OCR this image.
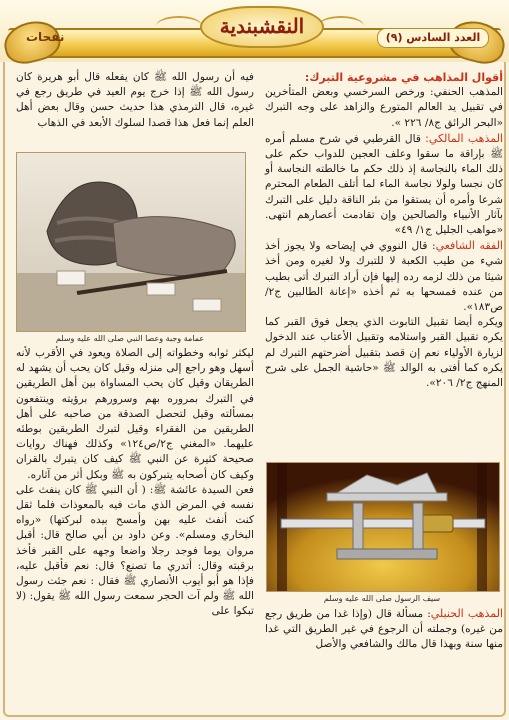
النقشبندية
نفحات	العدد السادس (٩)

أقوال المذاهب في مشروعية التبرك:

المذهب الحنفي: ورخص السرخسي وبعض المتأخرين في تقبيل يد العالم المتورع والزاهد على وجه التبرك «البحر الرائق ج٨/ ٢٢٦ ».

المذهب المالكي: قال القرطبي في شرح مسلم أمره ﷺ بإراقة ما سقوا وعلف العجين للدواب حكم على ذلك الماء بالنجاسة إذ ذلك حكم ما خالطته النجاسة أو كان نجسا ولولا نجاسة الماء لما أتلف الطعام المحترم شرعا وأمره أن يستقوا من بئر الناقة دليل على التبرك بآثار الأنبياء والصالحين وإن تقادمت أعصارهم انتهى. «مواهب الجليل ج١/ ٤٩»

الفقه الشافعي: قال النووي في إيضاحه ولا يجوز أخذ شيء من طيب الكعبة لا للتبرك ولا لغيره ومن أخذ شيئا من ذلك لزمه رده إليها فإن أراد التبرك أتى بطيب من عنده فمسحها به ثم أخذه «إعانة الطالبين ج٢/ص١٨٣».

ويكره أيضا تقبيل التابوت الذي يجعل فوق القبر كما يكره تقبيل القبر واستلامه وتقبيل الأعتاب عند الدخول لزيارة الأولياء نعم إن قصد بتقبيل أضرحتهم التبرك لم يكره كما أفتى به الوالد ﷺ «حاشية الجمل على شرح المنهج ج٢/ ٢٠٦».

سيف الرسول صلى الله عليه وسلم

المذهب الحنبلي: مسألة قال (وإذا غدا من طريق رجع من غيره) وجملته أن الرجوع في غير الطريق التي غدا منها سنة وبهذا قال مالك والشافعي والأصل

فيه أن رسول الله ﷺ كان يفعله قال أبو هريرة كان رسول الله ﷺ إذا خرج يوم العيد في طريق رجع في غيره، قال الترمذي هذا حديث حسن وقال بعض أهل العلم إنما فعل هذا قصدا لسلوك الأبعد في الذهاب

عمامة وجبة وعصا النبي صلى الله عليه وسلم

ليكثر ثوابه وخطواته إلى الصلاة ويعود في الأقرب لأنه أسهل وهو راجع إلى منزله وقيل كان يحب أن يشهد له الطريقان وقيل كان يحب المساواة بين أهل الطريقين في التبرك بمروره بهم وسرورهم برؤيته وينتفعون بمسألته وقيل لتحصل الصدقة من صاحبه على أهل الطريقين من الفقراء وقيل لتبرك الطريقين بوطئه عليهما. «المغني ج٢/ص١٢٤» وكذلك فهناك روايات صحيحة كثيرة عن النبي ﷺ كيف كان يتبرك بالقران وكيف كان أصحابه يتبركون به ﷺ وبكل أثر من آثاره.

فعن السيدة عائشة ﷺ: ( أن النبي ﷺ كان ينفث على نفسه في المرض الذي مات فيه بالمعوذات فلما ثقل كنت أنفث عليه بهن وأمسح بيده لبركتها) «رواه البخاري ومسلم». وعن داود بن أبي صالح قال: أقبل مروان يوما فوجد رجلا واضعا وجهه على القبر فأخذ برقبته وقال: أتدري ما تصنع؟ قال: نعم فأقبل عليه، فإذا هو أبو أيوب الأنصاري ﷺ فقال : نعم جئت رسول الله ﷺ ولم آت الحجر سمعت رسول الله ﷺ يقول: (لا تبكوا على
